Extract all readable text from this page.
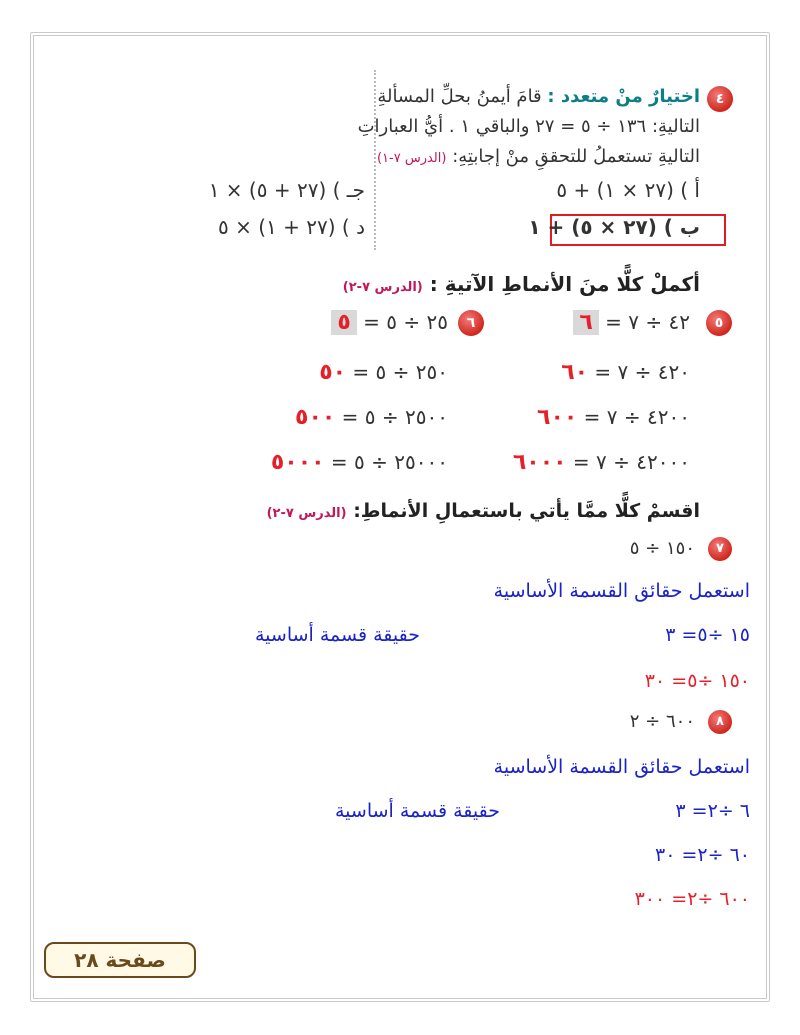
٤
اختيارٌ منْ متعدد : قامَ أيمنُ بحلِّ المسألةِ
التاليةِ: ١٣٦ ÷ ٥ = ٢٧ والباقي ١ . أيُّ العباراتِ
التاليةِ تستعملُ للتحققِ منْ إجابتِهِ: (الدرس ٧-١)
أ ) (٢٧ × ١) + ٥
جـ ) (٢٧ + ٥) × ١
ب ) (٢٧ × ٥) + ١
د ) (٢٧ + ١) × ٥
أكملْ كلًّا منَ الأنماطِ الآتيةِ : (الدرس ٧-٢)
٥
٦	٤٢ ÷ ٧ = ٦
٤٢٠ ÷ ٧ = ٦٠
٤٢٠٠ ÷ ٧ = ٦٠٠
٤٢٠٠٠ ÷ ٧ = ٦٠٠٠
٢٥ ÷ ٥ = ٥
٢٥٠ ÷ ٥ = ٥٠
٢٥٠٠ ÷ ٥ = ٥٠٠
٢٥٠٠٠ ÷ ٥ = ٥٠٠٠
اقسمْ كلًّا ممَّا يأتي باستعمالِ الأنماطِ: (الدرس ٧-٢)
٧
١٥٠ ÷ ٥
استعمل حقائق القسمة الأساسية
١٥ ÷٥= ٣
حقيقة قسمة أساسية
١٥٠ ÷٥= ٣٠
٨
٦٠٠ ÷ ٢
استعمل حقائق القسمة الأساسية
٦ ÷٢= ٣
حقيقة قسمة أساسية
٦٠ ÷٢= ٣٠
٦٠٠ ÷٢= ٣٠٠
صفحة ٢٨
